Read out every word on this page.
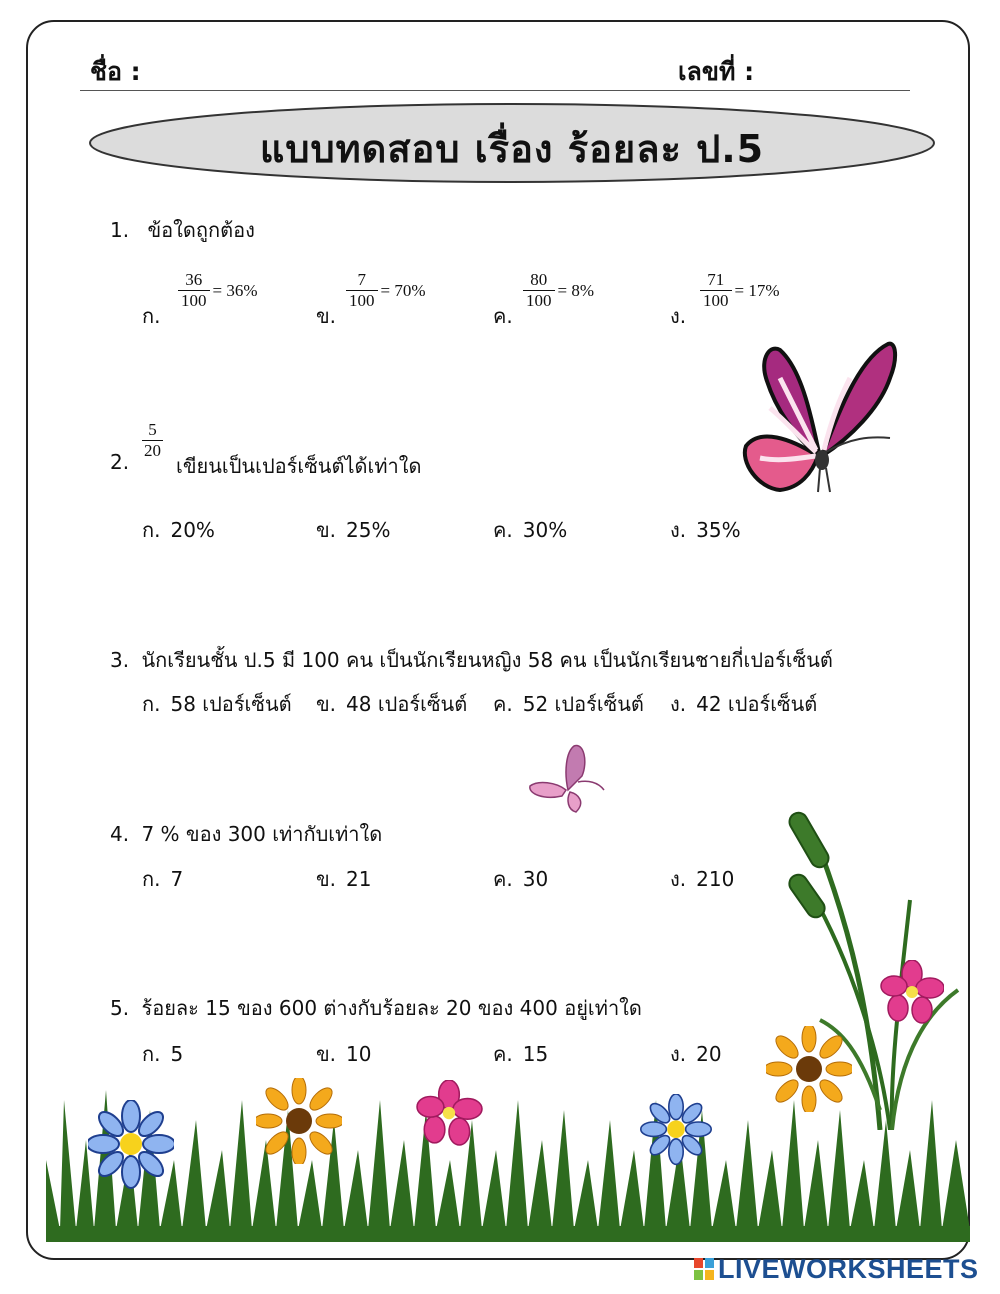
ชื่อ :	เลขที่ :
แบบทดสอบ เรื่อง ร้อยละ ป.5
1. ข้อใดถูกต้อง
ก.
$\frac{36}{100} = 36\%$
ข.
$\frac{7}{100} = 70\%$
ค.
$\frac{80}{100} = 8\%$
ง.
$\frac{71}{100} = 17\%$
2.
$\frac{5}{20}$
เขียนเป็นเปอร์เซ็นต์ได้เท่าใด
ก. 20%	ข. 25%	ค. 30%	ง. 35%
3. นักเรียนชั้น ป.5 มี 100 คน เป็นนักเรียนหญิง 58 คน เป็นนักเรียนชายกี่เปอร์เซ็นต์
ก. 58 เปอร์เซ็นต์ ข. 48 เปอร์เซ็นต์ ค. 52 เปอร์เซ็นต์ ง. 42 เปอร์เซ็นต์
4. 7 % ของ 300 เท่ากับเท่าใด
ก. 7	ข. 21	ค. 30	ง. 210
5. ร้อยละ 15 ของ 600 ต่างกับร้อยละ 20 ของ 400 อยู่เท่าใด
ก. 5	ข. 10	ค. 15	ง. 20
LIVEWORKSHEETS
